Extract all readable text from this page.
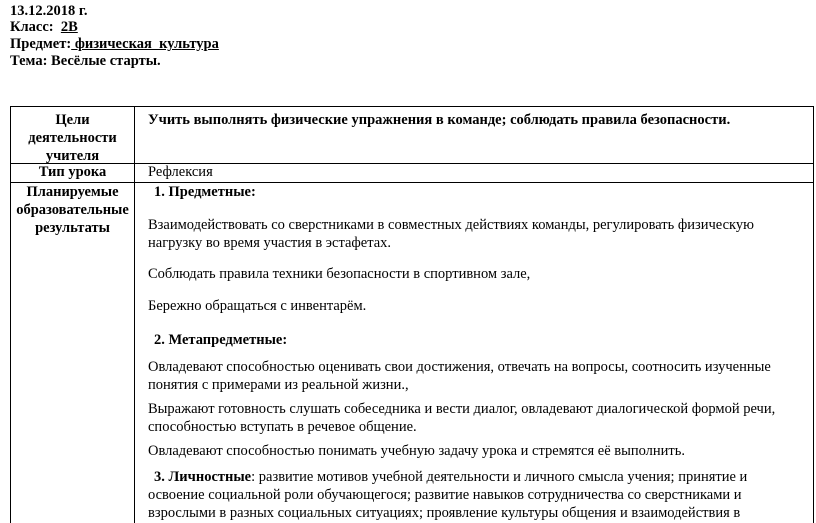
13.12.2018 г.
Класс: 2В
Предмет: физическая  культура
Тема: Весёлые старты.
Цели деятельности учителя
Учить выполнять физические упражнения в команде; соблюдать правила безопасности.
Тип урока	Рефлексия
Планируемые образовательные результаты

1. Предметные:

Взаимодействовать со сверстниками в совместных действиях команды, регулировать физическую нагрузку во время участия в эстафетах.

Соблюдать правила техники безопасности в спортивном зале,

Бережно обращаться с инвентарём.

2. Метапредметные:

Овладевают способностью оценивать свои достижения, отвечать на вопросы, соотносить изученные понятия с примерами из реальной жизни.,

Выражают готовность слушать собеседника и вести диалог, овладевают диалогической формой речи, способностью вступать в речевое общение.

Овладевают способностью понимать учебную задачу урока и стремятся её выполнить.

3. Личностные: развитие мотивов учебной деятельности и личного смысла учения; принятие и освоение социальной роли обучающегося; развитие навыков сотрудничества со сверстниками и взрослыми в разных социальных ситуациях; проявление культуры общения и взаимодействия в
